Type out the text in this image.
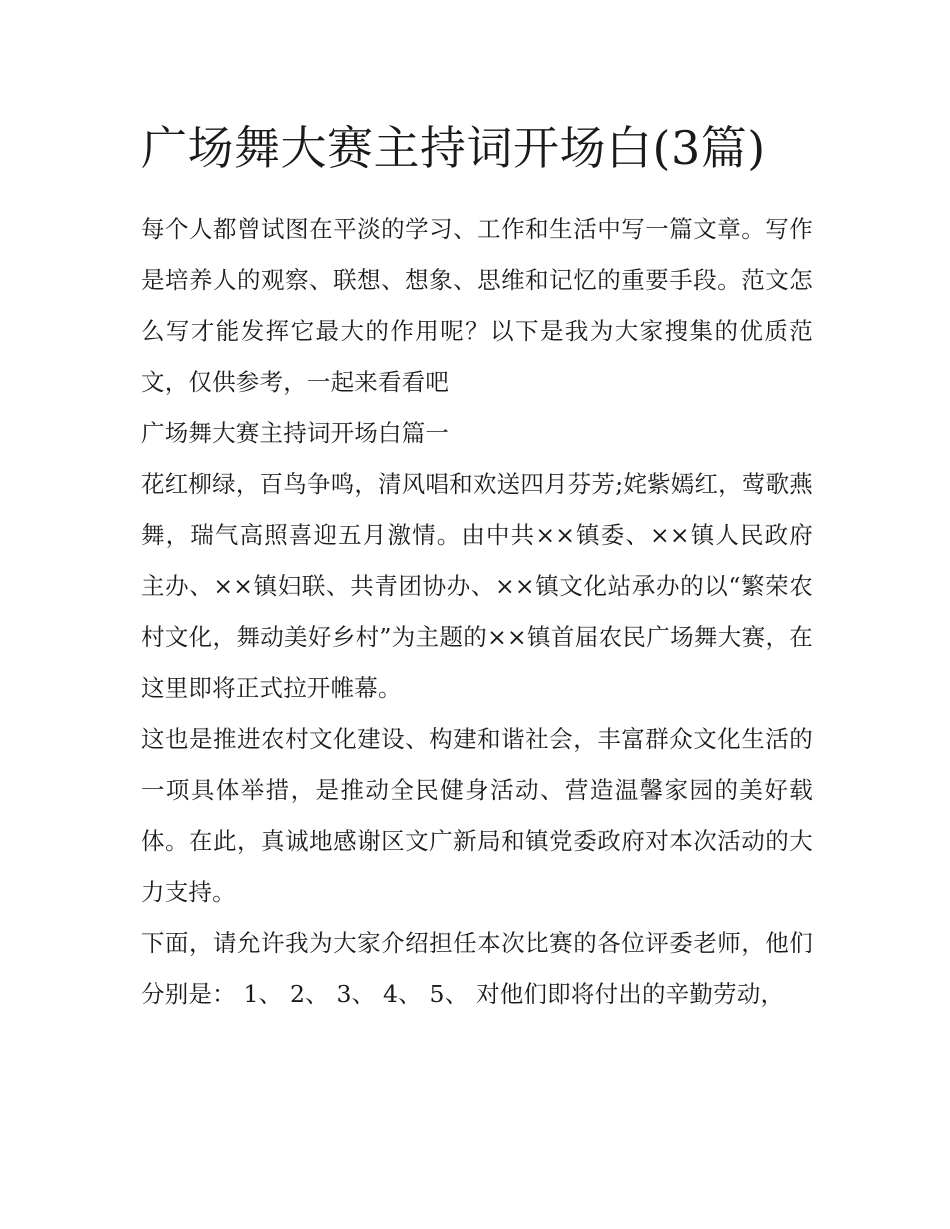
广场舞大赛主持词开场白(3篇)

每个人都曾试图在平淡的学习、工作和生活中写一篇文章。写作是培养人的观察、联想、想象、思维和记忆的重要手段。范文怎么写才能发挥它最大的作用呢？以下是我为大家搜集的优质范文，仅供参考，一起来看看吧

广场舞大赛主持词开场白篇一

花红柳绿，百鸟争鸣，清风唱和欢送四月芬芳;姹紫嫣红，莺歌燕舞，瑞气高照喜迎五月激情。由中共××镇委、××镇人民政府主办、××镇妇联、共青团协办、××镇文化站承办的以“繁荣农村文化，舞动美好乡村”为主题的××镇首届农民广场舞大赛，在这里即将正式拉开帷幕。

这也是推进农村文化建设、构建和谐社会，丰富群众文化生活的一项具体举措，是推动全民健身活动、营造温馨家园的美好载体。在此，真诚地感谢区文广新局和镇党委政府对本次活动的大力支持。

下面，请允许我为大家介绍担任本次比赛的各位评委老师，他们分别是： 1、 2、 3、 4、 5、 对他们即将付出的辛勤劳动，
